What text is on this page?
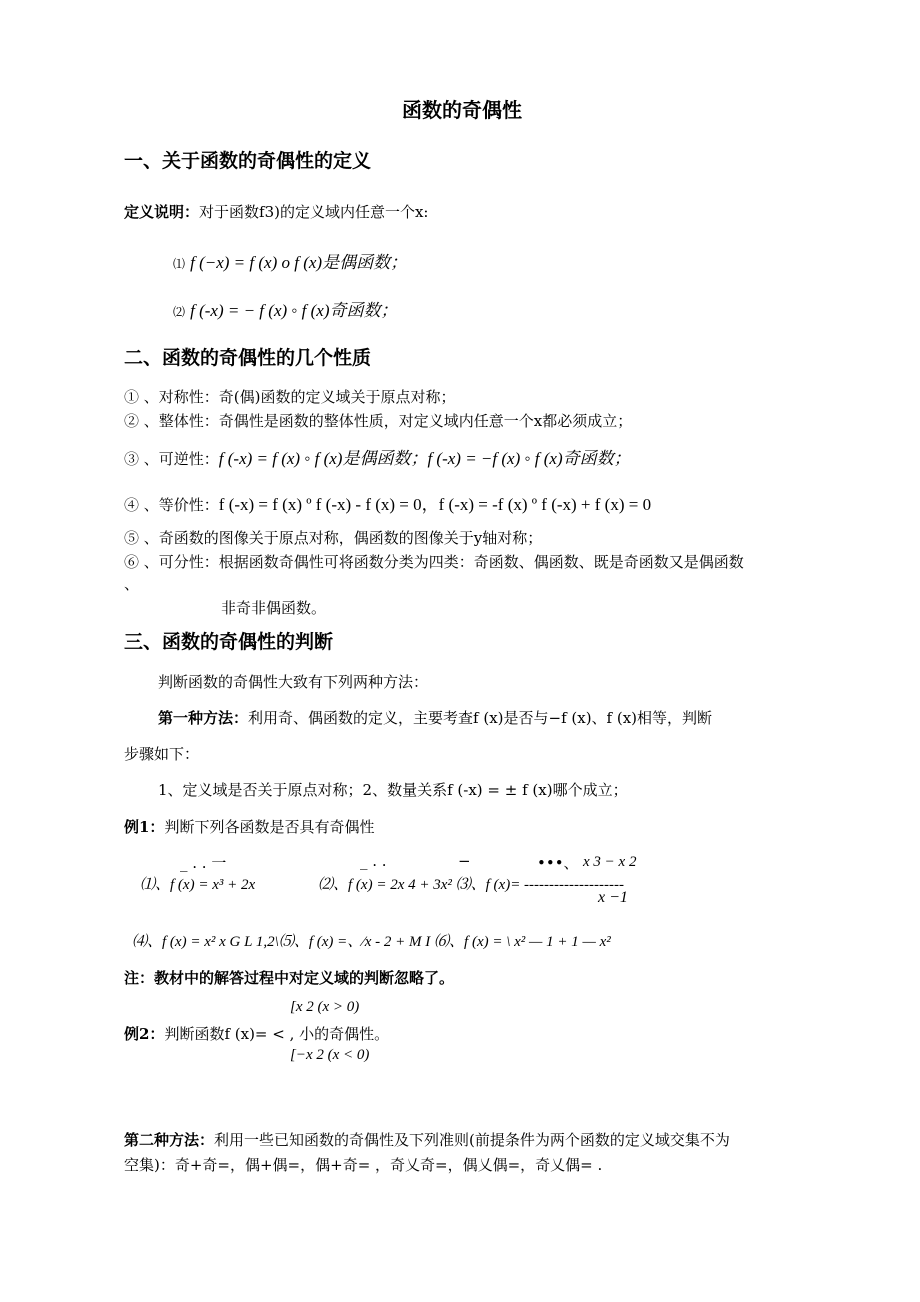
函数的奇偶性
一、关于函数的奇偶性的定义
定义说明：对于函数f3)的定义域内任意一个x:
⑴ f (−x) = f (x) o f (x)是偶函数；
⑵ f (-x) = − f (x) ◦ f (x)奇函数；
二、函数的奇偶性的几个性质
① 、对称性：奇(偶)函数的定义域关于原点对称；
② 、整体性：奇偶性是函数的整体性质，对定义域内任意一个x都必须成立；
③ 、可逆性：f (-x) = f (x) ◦ f (x)是偶函数；f (-x) = −f (x) ◦ f (x)奇函数；
④ 、等价性：f (-x) = f (x) º f (-x) - f (x) = 0，f (-x) = -f (x) º f (-x) + f (x) = 0
⑤ 、奇函数的图像关于原点对称，偶函数的图像关于y轴对称；
⑥ 、可分性：根据函数奇偶性可将函数分类为四类：奇函数、偶函数、既是奇函数又是偶函数
、
非奇非偶函数。
三、函数的奇偶性的判断
判断函数的奇偶性大致有下列两种方法：
第一种方法：利用奇、偶函数的定义，主要考查f (x)是否与−f (x)、f (x)相等，判断
步骤如下：
1、定义域是否关于原点对称；2、数量关系f (-x) = ± f (x)哪个成立；
例1：判断下列各函数是否具有奇偶性
_ . . 一
⑴、f (x) = x³ + 2x
_ . .
⑵、f (x) = 2x 4 + 3x² ⑶、f (x)= --------------------
−	•••、 x 3 − x 2
x −1
⑷、f (x) = x² x G L 1,2\⑸、f (x) =、⁄x - 2 + M I ⑹、f (x) = \ x² — 1 + 1 — x²
注：教材中的解答过程中对定义域的判断忽略了。
[x 2 (x > 0)
例2：判断函数f (x)= < , 小的奇偶性。
[−x 2 (x < 0)
第二种方法：利用一些已知函数的奇偶性及下列准则(前提条件为两个函数的定义域交集不为
空集)：奇+奇=，偶+偶=，偶+奇= ，奇乂奇=，偶乂偶=，奇乂偶= .
